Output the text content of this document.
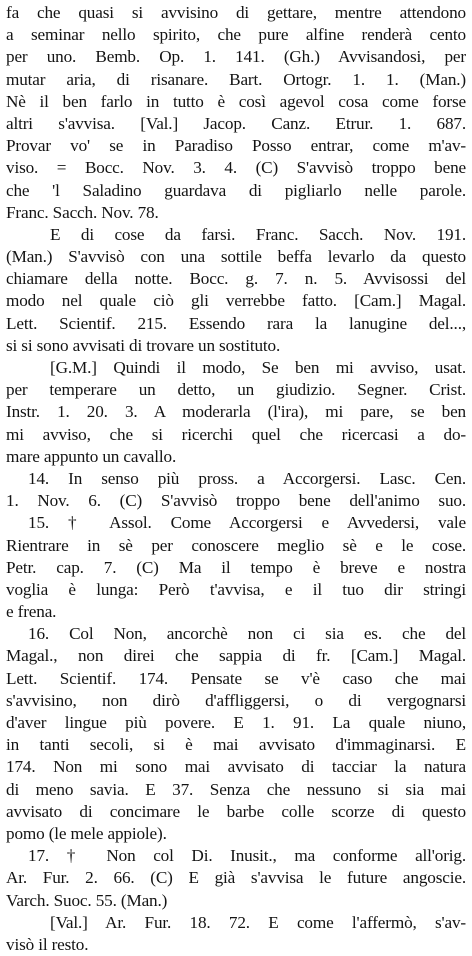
fa che quasi si avvisino di gettare, mentre attendono
a seminar nello spirito, che pure alfine renderà cento
per uno. Bemb. Op. 1. 141. (Gh.) Avvisandosi, per
mutar aria, di risanare. Bart. Ortogr. 1. 1. (Man.)
Nè il ben farlo in tutto è così agevol cosa come forse
altri s'avvisa. [Val.] Jacop. Canz. Etrur. 1. 687.
Provar vo' se in Paradiso Posso entrar, come m'av-
viso. = Bocc. Nov. 3. 4. (C) S'avvisò troppo bene
che 'l Saladino guardava di pigliarlo nelle parole.
Franc. Sacch. Nov. 78.
E di cose da farsi. Franc. Sacch. Nov. 191.
(Man.) S'avvisò con una sottile beffa levarlo da questo
chiamare della notte. Bocc. g. 7. n. 5. Avvisossi del
modo nel quale ciò gli verrebbe fatto. [Cam.] Magal.
Lett. Scientif. 215. Essendo rara la lanugine del...,
si si sono avvisati di trovare un sostituto.
[G.M.] Quindi il modo, Se ben mi avviso, usat.
per temperare un detto, un giudizio. Segner. Crist.
Instr. 1. 20. 3. A moderarla (l'ira), mi pare, se ben
mi avviso, che si ricerchi quel che ricercasi a do-
mare appunto un cavallo.
14. In senso più pross. a Accorgersi. Lasc. Cen.
1. Nov. 6. (C) S'avvisò troppo bene dell'animo suo.
15. † Assol. Come Accorgersi e Avvedersi, vale
Rientrare in sè per conoscere meglio sè e le cose.
Petr. cap. 7. (C) Ma il tempo è breve e nostra
voglia è lunga: Però t'avvisa, e il tuo dir stringi
e frena.
16. Col Non, ancorchè non ci sia es. che del
Magal., non direi che sappia di fr. [Cam.] Magal.
Lett. Scientif. 174. Pensate se v'è caso che mai
s'avvisino, non dirò d'affliggersi, o di vergognarsi
d'aver lingue più povere. E 1. 91. La quale niuno,
in tanti secoli, si è mai avvisato d'immaginarsi. E
174. Non mi sono mai avvisato di tacciar la natura
di meno savia. E 37. Senza che nessuno si sia mai
avvisato di concimare le barbe colle scorze di questo
pomo (le mele appiole).
17. † Non col Di. Inusit., ma conforme all'orig.
Ar. Fur. 2. 66. (C) E già s'avvisa le future angoscie.
Varch. Suoc. 55. (Man.)
[Val.] Ar. Fur. 18. 72. E come l'affermò, s'av-
visò il resto.
